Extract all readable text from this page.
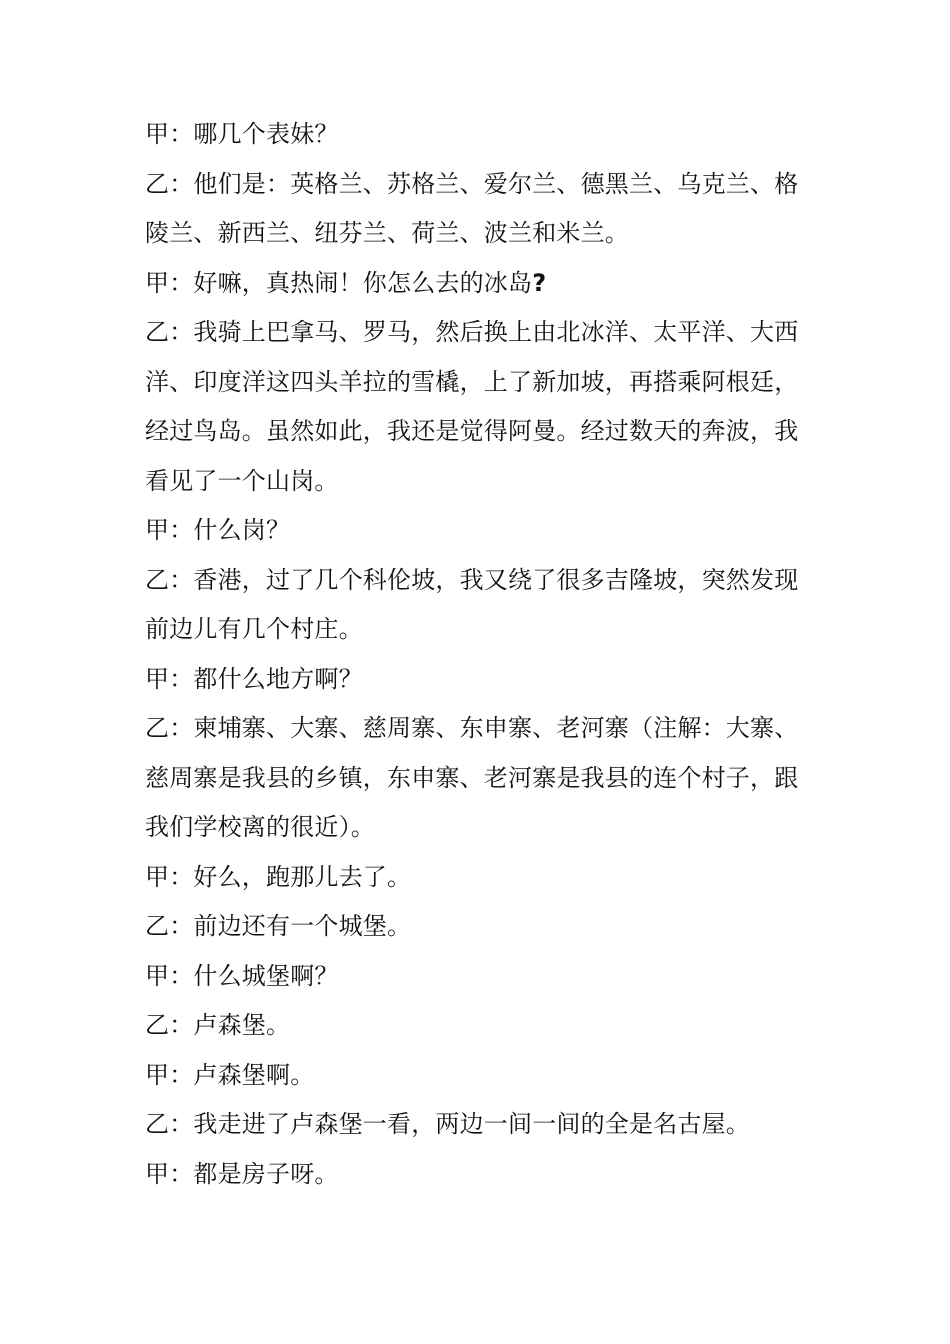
甲：哪几个表妹？

乙：他们是：英格兰、苏格兰、爱尔兰、德黑兰、乌克兰、格陵兰、新西兰、纽芬兰、荷兰、波兰和米兰。

甲：好嘛，真热闹！你怎么去的冰岛?

乙：我骑上巴拿马、罗马，然后换上由北冰洋、太平洋、大西洋、印度洋这四头羊拉的雪橇，上了新加坡，再搭乘阿根廷，经过鸟岛。虽然如此，我还是觉得阿曼。经过数天的奔波，我看见了一个山岗。

甲：什么岗？

乙：香港，过了几个科伦坡，我又绕了很多吉隆坡，突然发现前边儿有几个村庄。

甲：都什么地方啊？

乙：柬埔寨、大寨、慈周寨、东申寨、老河寨（注解：大寨、慈周寨是我县的乡镇，东申寨、老河寨是我县的连个村子，跟我们学校离的很近）。

甲：好么，跑那儿去了。

乙：前边还有一个城堡。

甲：什么城堡啊？

乙：卢森堡。

甲：卢森堡啊。

乙：我走进了卢森堡一看，两边一间一间的全是名古屋。

甲：都是房子呀。
